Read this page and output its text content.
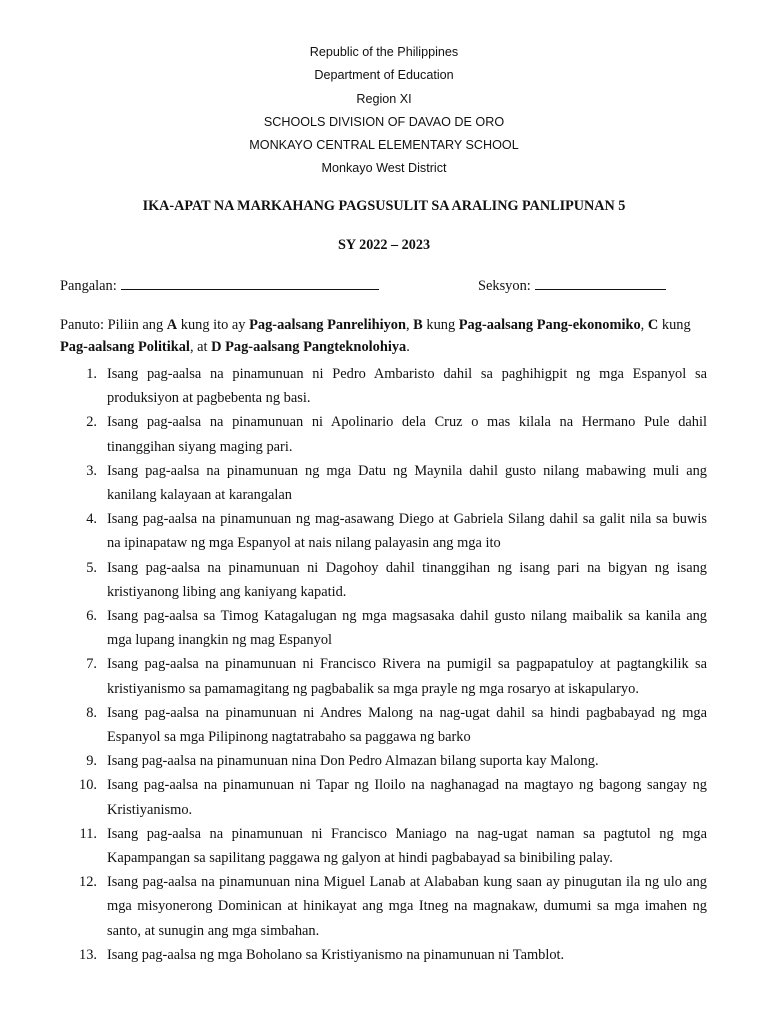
Republic of the Philippines
Department of Education
Region XI
SCHOOLS DIVISION OF DAVAO DE ORO
MONKAYO CENTRAL ELEMENTARY SCHOOL
Monkayo West District
IKA-APAT NA MARKAHANG PAGSUSULIT SA ARALING PANLIPUNAN 5
SY 2022 – 2023
Pangalan:	Seksyon:
Panuto: Piliin ang A kung ito ay Pag-aalsang Panrelihiyon, B kung Pag-aalsang Pang-ekonomiko, C kung Pag-aalsang Politikal, at D Pag-aalsang Pangteknolohiya.
1. Isang pag-aalsa na pinamunuan ni Pedro Ambaristo dahil sa paghihigpit ng mga Espanyol sa produksiyon at pagbebenta ng basi.
2. Isang pag-aalsa na pinamunuan ni Apolinario dela Cruz o mas kilala na Hermano Pule dahil tinanggihan siyang maging pari.
3. Isang pag-aalsa na pinamunuan ng mga Datu ng Maynila dahil gusto nilang mabawing muli ang kanilang kalayaan at karangalan
4. Isang pag-aalsa na pinamunuan ng mag-asawang Diego at Gabriela Silang dahil sa galit nila sa buwis na ipinapataw ng mga Espanyol at nais nilang palayasin ang mga ito
5. Isang pag-aalsa na pinamunuan ni Dagohoy dahil tinanggihan ng isang pari na bigyan ng isang kristiyanong libing ang kaniyang kapatid.
6. Isang pag-aalsa sa Timog Katagalugan ng mga magsasaka dahil gusto nilang maibalik sa kanila ang mga lupang inangkin ng mag Espanyol
7. Isang pag-aalsa na pinamunuan ni Francisco Rivera na pumigil sa pagpapatuloy at pagtangkilik sa kristiyanismo sa pamamagitang ng pagbabalik sa mga prayle ng mga rosaryo at iskapularyo.
8. Isang pag-aalsa na pinamunuan ni Andres Malong na nag-ugat dahil sa hindi pagbabayad ng mga Espanyol sa mga Pilipinong nagtatrabaho sa paggawa ng barko
9. Isang pag-aalsa na pinamunuan nina Don Pedro Almazan bilang suporta kay Malong.
10. Isang pag-aalsa na pinamunuan ni Tapar ng Iloilo na naghanagad na magtayo ng bagong sangay ng Kristiyanismo.
11. Isang pag-aalsa na pinamunuan ni Francisco Maniago na nag-ugat naman sa pagtutol ng mga Kapampangan sa sapilitang paggawa ng galyon at hindi pagbabayad sa binibiling palay.
12. Isang pag-aalsa na pinamunuan nina Miguel Lanab at Alababan kung saan ay pinugutan ila ng ulo ang mga misyonerong Dominican at hinikayat ang mga Itneg na magnakaw, dumumi sa mga imahen ng santo, at sunugin ang mga simbahan.
13. Isang pag-aalsa ng mga Boholano sa Kristiyanismo na pinamunuan ni Tamblot.
